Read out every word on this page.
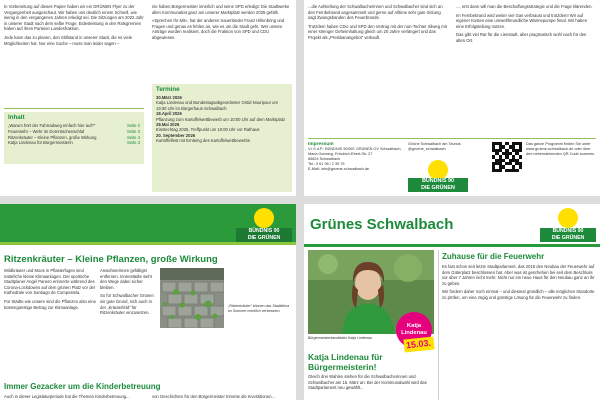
In Vorbereitung auf dieses Papier haben wir ein GRÜNEN Flyer zu der Vergangenheit ausgeschaut. Wir haben uns deutlich einem Schnell, wie wenig in den vergangenen Jahren erledigt sei. Die Sitzungen am 2022 Jahr in unserer Stadt nach dem selbe Frage, Eidesleistung in den Ratsgremien haben auf ihren Parteien Landesfraktion.

Jede kann das zu planen, den Stillstand in unserer Stadt, die es viele Möglichkeiten hat. Nur eine Suche – muss man leider sagen –

nie haben Bürgermeister innerlich und seine SPD erledigt: Die Stadtwerke allen Kommunalrat ganz am unserer Marktplatz werden 2025 gefällt.

»Sprechen Ihr Mit«, hat der anderen Sauerländer Franz Hillenbring und Fragen und genau es fehlen an, wie es um die Stadt geht. Wer unsere Anträge wurden realisiert, doch die Fraktion von SPD und CDU abgewiesen.

Inhalt
„Warum hört der Fahrradweg einfach hier auf?“	Seite 2
Feuerwehr – Wehr im Dornröschenschlaf	Seite 3
Ritzenkräuter – Kleine Pflanzen, große Wirkung	Seite 4
Katja Lindenau für Bürgermeisterin	Seite 3
Termine
30.März 2026
Katja Lindenau und Bundestagsabgeordneter Ontid Nouripour um 19:30 Uhr im Bürgerhaus Schwalbach
18.April 2026
Pflanzung zum Kartoffelwettbewerb um 10:00 Uhr auf dem Marktplatz
28.Mai 2026
Einstechtag 2026, Treffpunkt um 10:00 Uhr vor Rathaus
20. September 2026
Kartoffelfest mit Ernteing des Kartoffelwettbewerbs

...die Aufstellung der Schwalbacherinnen und Schwalbacher sind sich an den Fernbebrand angesammelt und gerne auf Alltime sehr gute Sitzung sagt Zwangsbanden des Feuerbrands.

Trotzdem haben CDU und SPD den Vertrag mit der non-Tochter Silweg mit einer strenger Geheimhaltung gleich um 20 Jahre verlängert und das Projekt als „Preisbanangebot“ verkauft.

..., erst dann will man die Beschaffungsstrategie und die Frage klärenden.

Im Fernbebrand wird weiter viel Gas verbraust und trotzdem! Wir auf eigener Kosten eine umweltfreundliche Wärmepumpe fimal. Wir haben eine Erfolgsteilung nutzen.

Das gibt viel Rat für die Lienstadt, aber pragmatisch wohl nach für den alten Ort.

Impressum
V.i.S.d.P.: BÜNDNIS 90/DIE GRÜNEN OV Schwalbach,
Maria Ganning, Friedrich-Ebert-Str. 27
65824 Schwalbach
Tel.: 0 61 96 / 2 39 75
E-Mail: info@gruene-schwalbach.de
/Grüne Schwalbach am Taunus
@gruene_schwalbach
BÜNDNIS 90
DIE GRÜNEN
Das ganze Programm finden Sie unter www.gruene-schwalbach.de oder über den nebenstehenden QR-Code scannen.
BÜNDNIS 90
DIE GRÜNEN
Ritzenkräuter – Kleine Pflanzen, große Wirkung

Wildkräuter und Moos in Pflasterfugen sind natürliche kleine Klimaanlagen. Der sporttiche Stadtplaner Angel Panero erinnerte während des Corona-Lockdowns auf dem grünen Platz vor der Kathedrale von Santiago de Compostela.

Für Städte wie unsere sind die Pflanzen also eine kostengünstige Beitrag zur Klimaanlage.

Anwohnerinnen gefälligst entfernen. Innenstädte sieht den Wege dabei sicher bleiben.

So für Schwalbacher Grünen wir gute Grund, sich auch in der „Kräuterfeld“ für Ritzenkräuter einzusetzen.

„Ritzenkräuter“ können das Stadtklima im Sommer merklich verbessern.
Immer Gezacker um die Kinderbetreuung
Auch in dieser Legislaturperiode hat die Themen Kinderbetreuung...	von Geschichten für den Bürgermeister trimmte die Investitionen...
Grünes Schwalbach	BÜNDNIS 90
DIE GRÜNEN
Katja Lindenau
15.03.
Bürgermeisterkandidatin Katja Lindenau
Katja Lindenau für Bürgermeisterin!
Gleich drei Wahlen stehen für die Schwalbacherinnen und Schwalbacher am 15. März an: Bei der Kommunalwahl wird das Stadtparlament neu gewählt...
Zuhause für die Feuerwehr

Es fast schon seit letzte Stadtparlament, das 2018 den Neubau der Feuerwehr auf dem Güterplatz beschlossen hat. Aber was ist geschehen bei seit dem Beschluss vor über 7 Jahren nicht mehr. Nicht nur ein neue Haus für den Neubau ganz an ihr zu geben.

Wir fordern daher noch einmal – und diesmal gründlich – alle möglichen Standorte zu prüfen, um eine zügig und günstige Lösung für die Feuerwehr zu finden.
